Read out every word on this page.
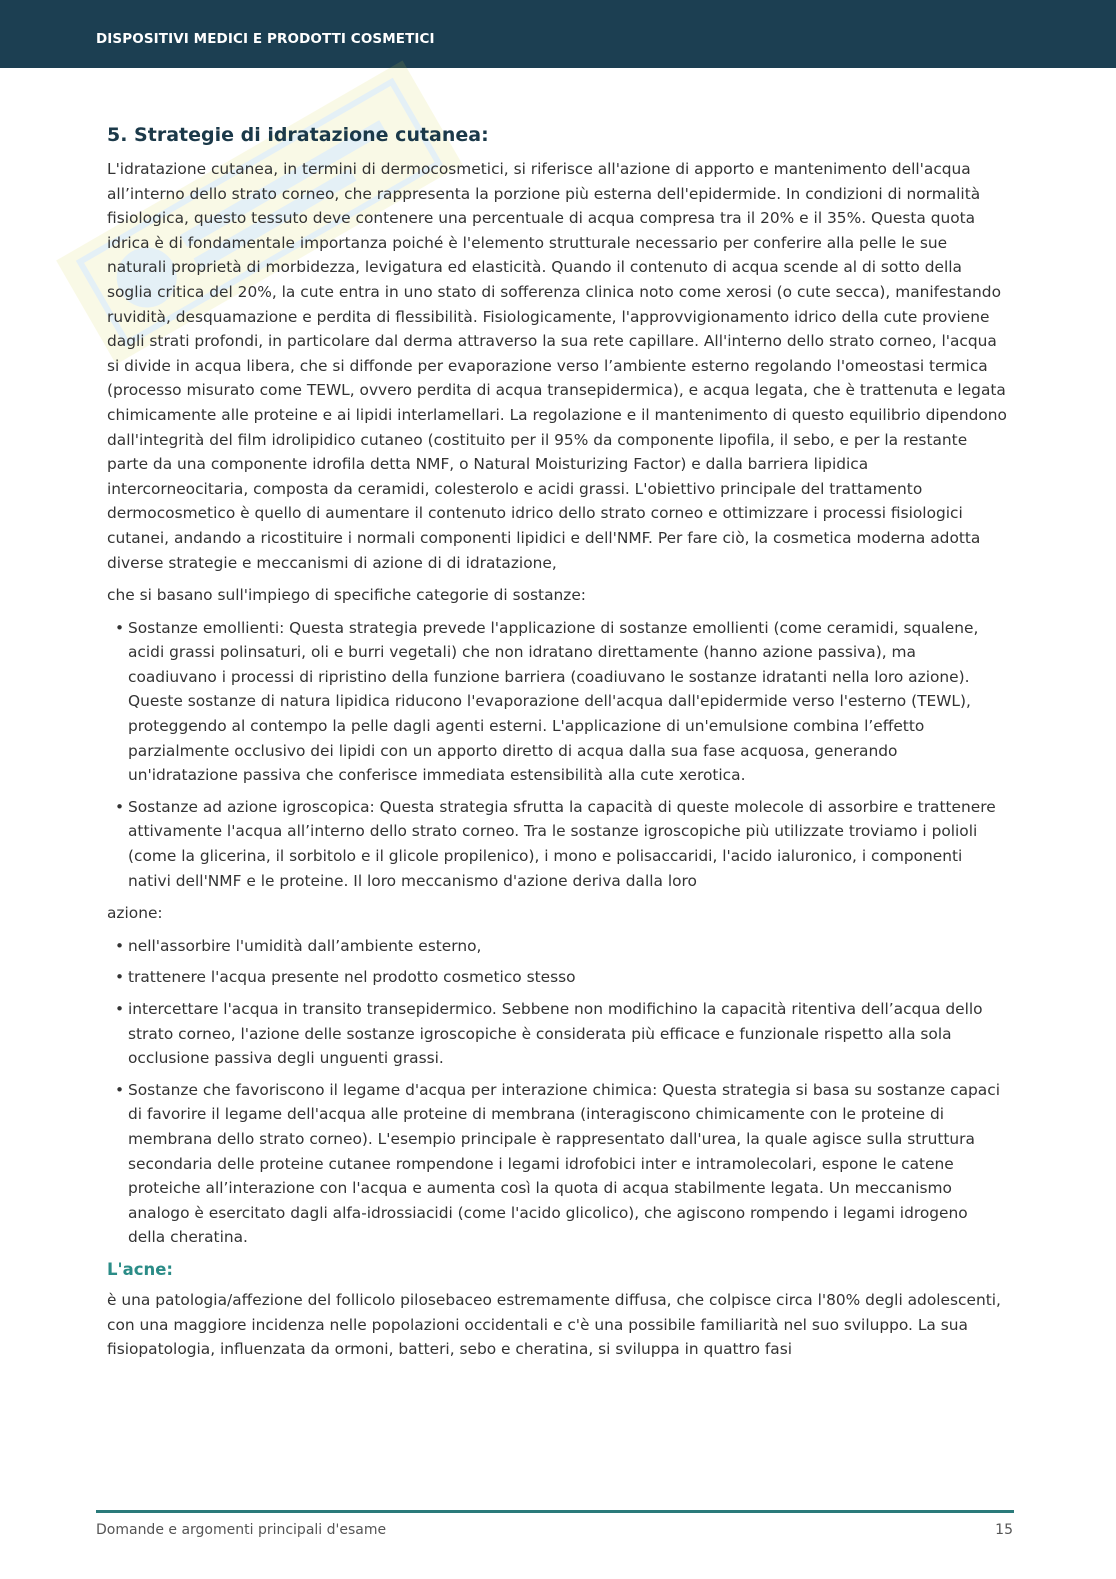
DISPOSITIVI MEDICI E PRODOTTI COSMETICI
5. Strategie di idratazione cutanea:

L'idratazione cutanea, in termini di dermocosmetici, si riferisce all'azione di apporto e mantenimento dell'acqua all’interno dello strato corneo, che rappresenta la porzione più esterna dell'epidermide. In condizioni di normalità fisiologica, questo tessuto deve contenere una percentuale di acqua compresa tra il 20% e il 35%. Questa quota idrica è di fondamentale importanza poiché è l'elemento strutturale necessario per conferire alla pelle le sue naturali proprietà di morbidezza, levigatura ed elasticità. Quando il contenuto di acqua scende al di sotto della soglia critica del 20%, la cute entra in uno stato di sofferenza clinica noto come xerosi (o cute secca), manifestando ruvidità, desquamazione e perdita di flessibilità. Fisiologicamente, l'approvvigionamento idrico della cute proviene dagli strati profondi, in particolare dal derma attraverso la sua rete capillare. All'interno dello strato corneo, l'acqua si divide in acqua libera, che si diffonde per evaporazione verso l’ambiente esterno regolando l'omeostasi termica (processo misurato come TEWL, ovvero perdita di acqua transepidermica), e acqua legata, che è trattenuta e legata chimicamente alle proteine e ai lipidi interlamellari. La regolazione e il mantenimento di questo equilibrio dipendono dall'integrità del film idrolipidico cutaneo (costituito per il 95% da componente lipofila, il sebo, e per la restante parte da una componente idrofila detta NMF, o Natural Moisturizing Factor) e dalla barriera lipidica intercorneocitaria, composta da ceramidi, colesterolo e acidi grassi. L'obiettivo principale del trattamento dermocosmetico è quello di aumentare il contenuto idrico dello strato corneo e ottimizzare i processi fisiologici cutanei, andando a ricostituire i normali componenti lipidici e dell'NMF. Per fare ciò, la cosmetica moderna adotta diverse strategie e meccanismi di azione di di idratazione,

che si basano sull'impiego di specifiche categorie di sostanze:

• Sostanze emollienti: Questa strategia prevede l'applicazione di sostanze emollienti (come ceramidi, squalene, acidi grassi polinsaturi, oli e burri vegetali) che non idratano direttamente (hanno azione passiva), ma coadiuvano i processi di ripristino della funzione barriera (coadiuvano le sostanze idratanti nella loro azione). Queste sostanze di natura lipidica riducono l'evaporazione dell'acqua dall'epidermide verso l'esterno (TEWL), proteggendo al contempo la pelle dagli agenti esterni. L'applicazione di un'emulsione combina l’effetto parzialmente occlusivo dei lipidi con un apporto diretto di acqua dalla sua fase acquosa, generando un'idratazione passiva che conferisce immediata estensibilità alla cute xerotica.
• Sostanze ad azione igroscopica: Questa strategia sfrutta la capacità di queste molecole di assorbire e trattenere attivamente l'acqua all’interno dello strato corneo. Tra le sostanze igroscopiche più utilizzate troviamo i polioli (come la glicerina, il sorbitolo e il glicole propilenico), i mono e polisaccaridi, l'acido ialuronico, i componenti nativi dell'NMF e le proteine. Il loro meccanismo d'azione deriva dalla loro

azione:

• nell'assorbire l'umidità dall’ambiente esterno,
• trattenere l'acqua presente nel prodotto cosmetico stesso
• intercettare l'acqua in transito transepidermico. Sebbene non modifichino la capacità ritentiva dell’acqua dello strato corneo, l'azione delle sostanze igroscopiche è considerata più efficace e funzionale rispetto alla sola occlusione passiva degli unguenti grassi.
• Sostanze che favoriscono il legame d'acqua per interazione chimica: Questa strategia si basa su sostanze capaci di favorire il legame dell'acqua alle proteine di membrana (interagiscono chimicamente con le proteine di membrana dello strato corneo). L'esempio principale è rappresentato dall'urea, la quale agisce sulla struttura secondaria delle proteine cutanee rompendone i legami idrofobici inter e intramolecolari, espone le catene proteiche all’interazione con l'acqua e aumenta così la quota di acqua stabilmente legata. Un meccanismo analogo è esercitato dagli alfa-idrossiacidi (come l'acido glicolico), che agiscono rompendo i legami idrogeno della cheratina.
L'acne:

è una patologia/affezione del follicolo pilosebaceo estremamente diffusa, che colpisce circa l'80% degli adolescenti, con una maggiore incidenza nelle popolazioni occidentali e c'è una possibile familiarità nel suo sviluppo. La sua fisiopatologia, influenzata da ormoni, batteri, sebo e cheratina, si sviluppa in quattro fasi

Domande e argomenti principali d'esame	15
